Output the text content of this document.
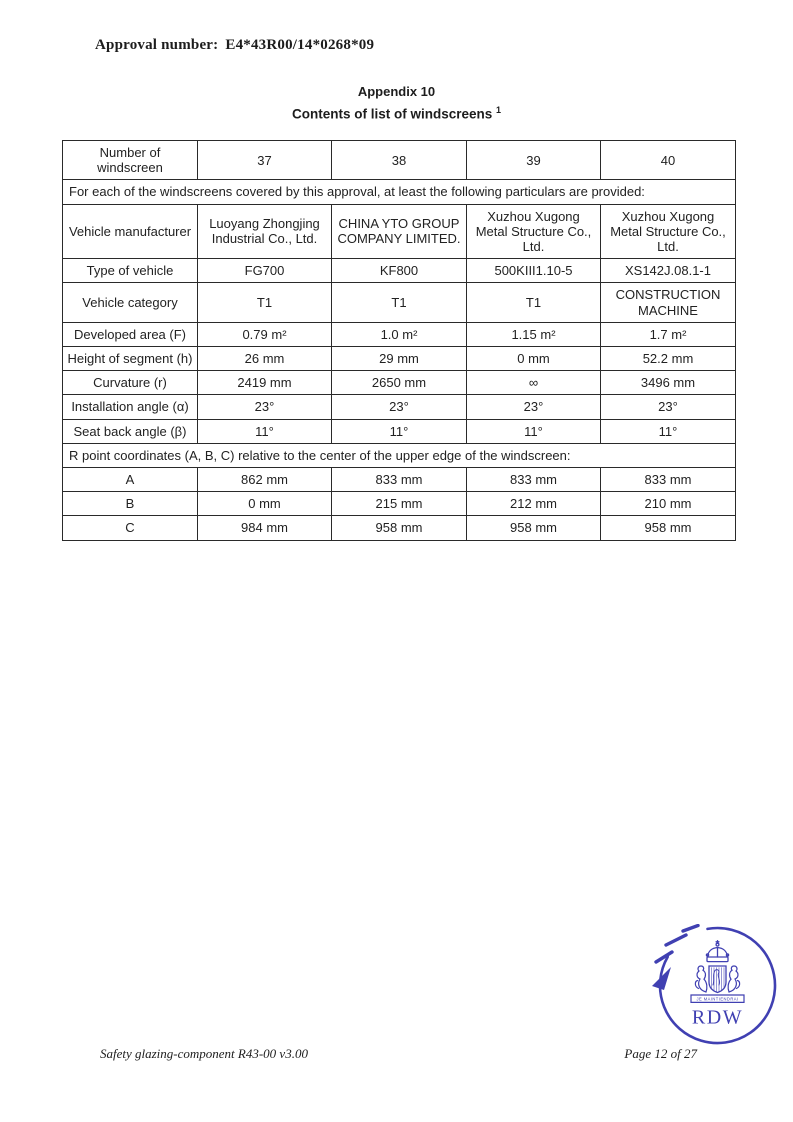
Approval number: E4*43R00/14*0268*09
Appendix 10
Contents of list of windscreens $^1$
Number of windscreen	37	38	39	40
For each of the windscreens covered by this approval, at least the following particulars are provided:				
Vehicle manufacturer	Luoyang Zhongjing Industrial Co., Ltd.	CHINA YTO GROUP COMPANY LIMITED.	Xuzhou Xugong Metal Structure Co., Ltd.	Xuzhou Xugong Metal Structure Co., Ltd.
Type of vehicle	FG700	KF800	500KIII1.10-5	XS142J.08.1-1
Vehicle category	T1	T1	T1	CONSTRUCTION MACHINE
Developed area (F)	0.79 m²	1.0 m²	1.15 m²	1.7 m²
Height of segment (h)	26 mm	29 mm	0 mm	52.2 mm
Curvature (r)	2419 mm	2650 mm	∞	3496 mm
Installation angle (α)	23°	23°	23°	23°
Seat back angle (β)	11°	11°	11°	11°
R point coordinates (A, B, C) relative to the center of the upper edge of the windscreen:				
A	862 mm	833 mm	833 mm	833 mm
B	0 mm	215 mm	212 mm	210 mm
C	984 mm	958 mm	958 mm	958 mm
JE MAINTIENDRAI
RDW
Safety glazing-component R43-00 v3.00	Page 12 of 27
